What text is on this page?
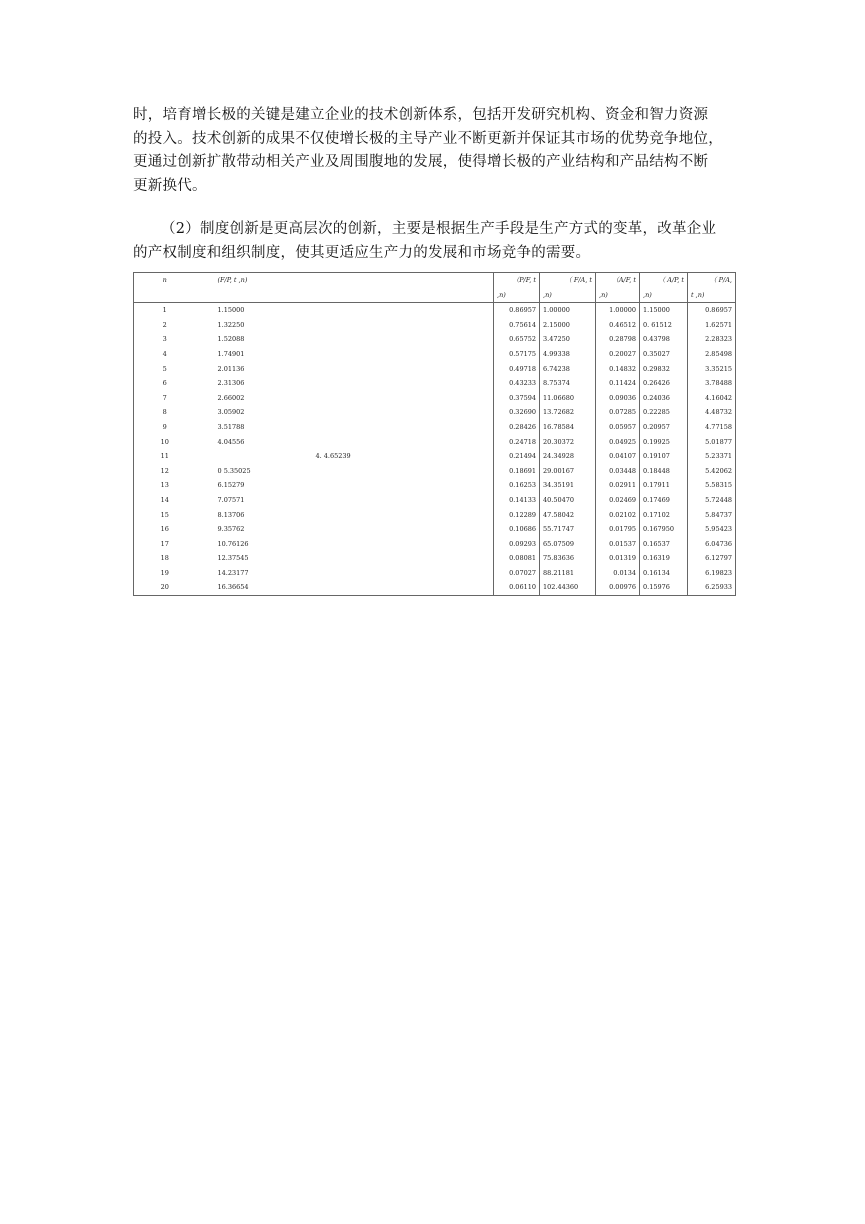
时，培育增长极的关键是建立企业的技术创新体系，包括开发研究机构、资金和智力资源
的投入。技术创新的成果不仅使增长极的主导产业不断更新并保证其市场的优势竞争地位，
更通过创新扩散带动相关产业及周围腹地的发展，使得增长极的产业结构和产品结构不断
更新换代。
（2）制度创新是更高层次的创新，主要是根据生产手段是生产方式的变革，改革企业
的产权制度和组织制度，使其更适应生产力的发展和市场竞争的需要。
n	(F/P, t ,n)	（P/F, t	（ F/A, t	（A/F, t	（ A/P, t	（ P/A,
		,n)	,n)	,n)	,n)	t ,n)
1	1.15000	0.86957	1.00000	1.00000	1.15000	0.86957
2	1.32250	0.75614	2.15000	0.46512	0. 61512	1.62571
3	1.52088	0.65752	3.47250	0.28798	0.43798	2.28323
4	1.74901	0.57175	4.99338	0.20027	0.35027	2.85498
5	2.01136	0.49718	6.74238	0.14832	0.29832	3.35215
6	2.31306	0.43233	8.75374	0.11424	0.26426	3.78488
7	2.66002	0.37594	11.06680	0.09036	0.24036	4.16042
8	3.05902	0.32690	13.72682	0.07285	0.22285	4.48732
9	3.51788	0.28426	16.78584	0.05957	0.20957	4.77158
10	4.04556	0.24718	20.30372	0.04925	0.19925	5.01877
11	4. 4.65239	0.21494	24.34928	0.04107	0.19107	5.23371
12	0 5.35025	0.18691	29.00167	0.03448	0.18448	5.42062
13	6.15279	0.16253	34.35191	0.02911	0.17911	5.58315
14	7.07571	0.14133	40.50470	0.02469	0.17469	5.72448
15	8.13706	0.12289	47.58042	0.02102	0.17102	5.84737
16	9.35762	0.10686	55.71747	0.01795	0.167950	5.95423
17	10.76126	0.09293	65.07509	0.01537	0.16537	6.04736
18	12.37545	0.08081	75.83636	0.01319	0.16319	6.12797
19	14.23177	0.07027	88.21181	0.0134	0.16134	6.19823
20	16.36654	0.06110	102.44360	0.00976	0.15976	6.25933
